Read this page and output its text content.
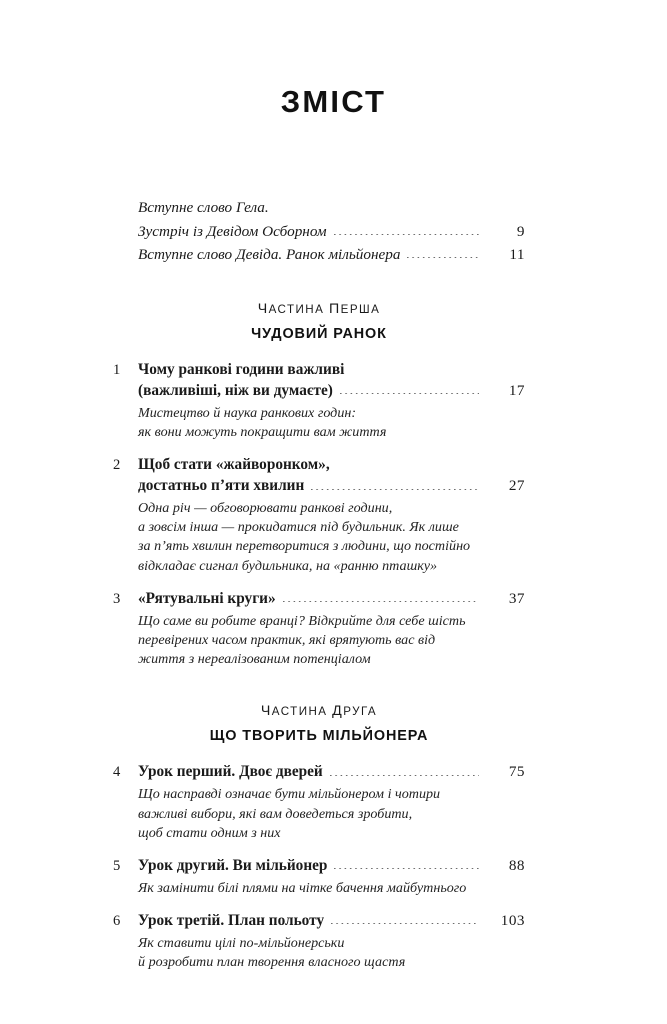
ЗМІСТ
Вступне слово Гела.
Зустріч із Девідом Осборном	9
Вступне слово Девіда. Ранок мільйонера	11
ЧАСТИНА ПЕРША
ЧУДОВИЙ РАНОК
1	Чому ранкові години важливі
(важливіші, ніж ви думаєте)	17
Мистецтво й наука ранкових годин:
як вони можуть покращити вам життя
2	Щоб стати «жайворонком»,
достатньо п’яти хвилин	27
Одна річ — обговорювати ранкові години,
а зовсім інша — прокидатися під будильник. Як лише
за п’ять хвилин перетворитися з людини, що постійно
відкладає сигнал будильника, на «ранню пташку»
3	«Рятувальні круги»	37
Що саме ви робите вранці? Відкрийте для себе шість
перевірених часом практик, які врятують вас від
життя з нереалізованим потенціалом
ЧАСТИНА ДРУГА
ЩО ТВОРИТЬ МІЛЬЙОНЕРА
4	Урок перший. Двоє дверей	75
Що насправді означає бути мільйонером і чотири
важливі вибори, які вам доведеться зробити,
щоб стати одним з них
5	Урок другий. Ви мільйонер	88
Як замінити білі плями на чітке бачення майбутнього
6	Урок третій. План польоту	103
Як ставити цілі по-мільйонерськи
й розробити план творення власного щастя
